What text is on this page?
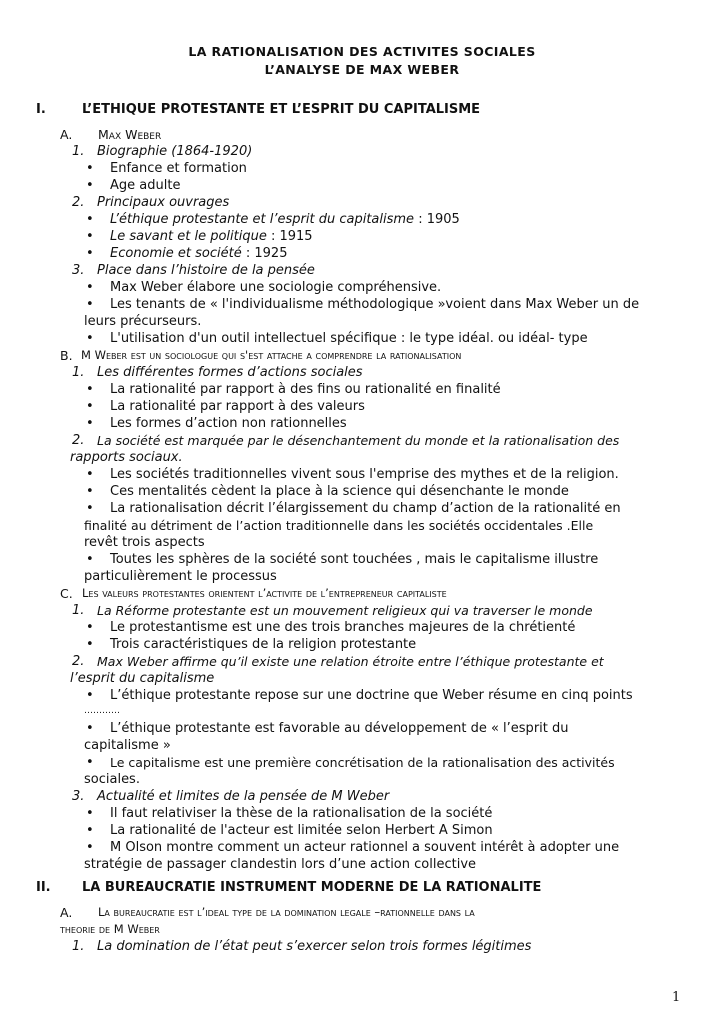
LA RATIONALISATION DES ACTIVITES SOCIALES
L’ANALYSE DE MAX WEBER
I.	L’ETHIQUE PROTESTANTE ET L’ESPRIT DU CAPITALISME
A. Max Weber
1. Biographie (1864-1920)
• Enfance et formation
• Age adulte
2. Principaux ouvrages
• L’éthique protestante et l’esprit du capitalisme : 1905
• Le savant et le politique : 1915
• Economie et société : 1925
3. Place dans l’histoire de la pensée
• Max Weber élabore une sociologie compréhensive.
• Les tenants de « l'individualisme méthodologique »voient dans Max Weber un de
leurs précurseurs.
• L'utilisation d'un outil intellectuel spécifique : le type idéal. ou idéal- type
B. M Weber est un sociologue qui s'est attache a comprendre la rationalisation
1. Les différentes formes d’actions sociales
• La rationalité par rapport à des fins ou rationalité en finalité
• La rationalité par rapport à des valeurs
• Les formes d’action non rationnelles
2. La société est marquée par le désenchantement du monde et la rationalisation des
rapports sociaux.
• Les sociétés traditionnelles vivent sous l'emprise des mythes et de la religion.
• Ces mentalités cèdent la place à la science qui désenchante le monde
• La rationalisation décrit l’élargissement du champ d’action de la rationalité en
finalité au détriment de l’action traditionnelle dans les sociétés occidentales .Elle
revêt trois aspects
• Toutes les sphères de la société sont touchées , mais le capitalisme illustre
particulièrement le processus
C. Les valeurs protestantes orientent l’activite de l’entrepreneur capitaliste
1. La Réforme protestante est un mouvement religieux qui va traverser le monde
• Le protestantisme est une des trois branches majeures de la chrétienté
• Trois caractéristiques de la religion protestante
2. Max Weber affirme qu’il existe une relation étroite entre l’éthique protestante et
l’esprit du capitalisme
• L’éthique protestante repose sur une doctrine que Weber résume en cinq points
…………
• L’éthique protestante est favorable au développement de « l’esprit du
capitalisme »
• Le capitalisme est une première concrétisation de la rationalisation des activités
sociales.
3. Actualité et limites de la pensée de M Weber
• Il faut relativiser la thèse de la rationalisation de la société
• La rationalité de l'acteur est limitée selon Herbert A Simon
• M Olson montre comment un acteur rationnel a souvent intérêt à adopter une
stratégie de passager clandestin lors d’une action collective
II. LA BUREAUCRATIE INSTRUMENT MODERNE DE LA RATIONALITE
A. La bureaucratie est l’ideal type de la domination legale –rationnelle dans la
theorie de M Weber
1. La domination de l’état peut s’exercer selon trois formes légitimes
1
